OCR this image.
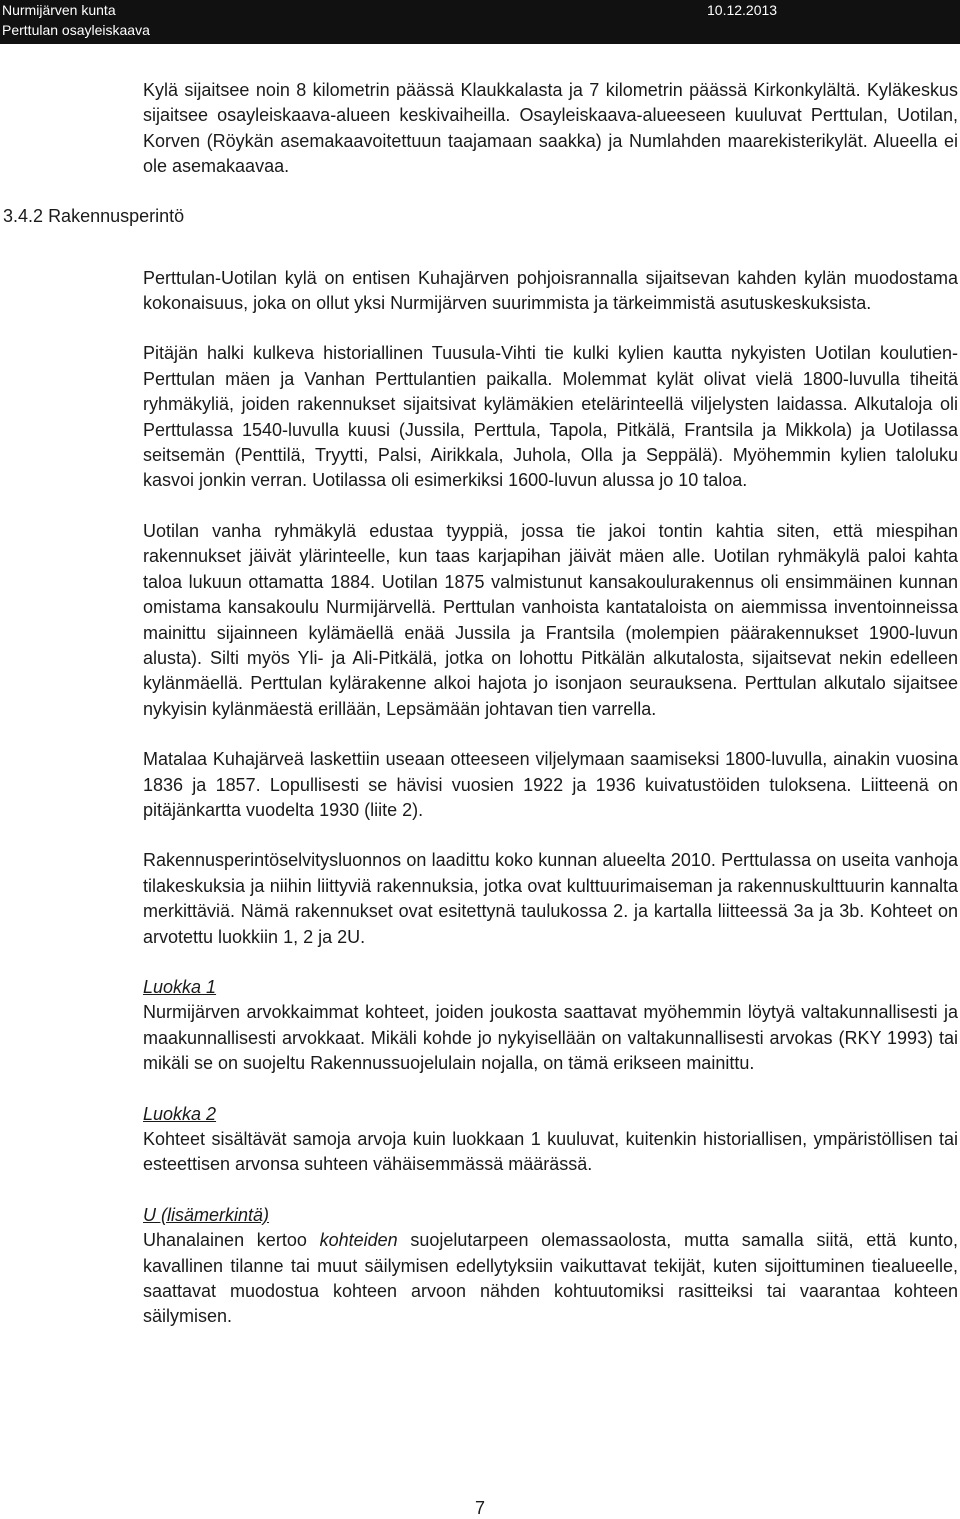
Nurmijärven kunta
Perttulan osayleiskaava
10.12.2013
3.4.2 Rakennusperintö

Kylä sijaitsee noin 8 kilometrin päässä Klaukkalasta ja 7 kilometrin päässä Kirkonkylältä. Kyläkeskus sijaitsee osayleiskaava-alueen keskivaiheilla. Osayleiskaava-alueeseen kuuluvat Perttulan, Uotilan, Korven (Röykän asemakaavoitettuun taajamaan saakka) ja Numlahden maarekisterikylät. Alueella ei ole asemakaavaa.

Perttulan-Uotilan kylä on entisen Kuhajärven pohjoisrannalla sijaitsevan kahden kylän muodostama kokonaisuus, joka on ollut yksi Nurmijärven suurimmista ja tärkeimmistä asutuskeskuksista.

Pitäjän halki kulkeva historiallinen Tuusula-Vihti tie kulki kylien kautta nykyisten Uotilan koulutien-Perttulan mäen ja Vanhan Perttulantien paikalla. Molemmat kylät olivat vielä 1800-luvulla tiheitä ryhmäkyliä, joiden rakennukset sijaitsivat kylämäkien etelärinteellä viljelysten laidassa. Alkutaloja oli Perttulassa 1540-luvulla kuusi (Jussila, Perttula, Tapola, Pitkälä, Frantsila ja Mikkola) ja Uotilassa seitsemän (Penttilä, Tryytti, Palsi, Airikkala, Juhola, Olla ja Seppälä). Myöhemmin kylien taloluku kasvoi jonkin verran. Uotilassa oli esimerkiksi 1600-luvun alussa jo 10 taloa.

Uotilan vanha ryhmäkylä edustaa tyyppiä, jossa tie jakoi tontin kahtia siten, että miespihan rakennukset jäivät ylärinteelle, kun taas karjapihan jäivät mäen alle. Uotilan ryhmäkylä paloi kahta taloa lukuun ottamatta 1884. Uotilan 1875 valmistunut kansakoulurakennus oli ensimmäinen kunnan omistama kansakoulu Nurmijärvellä. Perttulan vanhoista kantataloista on aiemmissa inventoinneissa mainittu sijainneen kylämäellä enää Jussila ja Frantsila (molempien päärakennukset 1900-luvun alusta). Silti myös Yli- ja Ali-Pitkälä, jotka on lohottu Pitkälän alkutalosta, sijaitsevat nekin edelleen kylänmäellä. Perttulan kylärakenne alkoi hajota jo isonjaon seurauksena. Perttulan alkutalo sijaitsee nykyisin kylänmäestä erillään, Lepsämään johtavan tien varrella.

Matalaa Kuhajärveä laskettiin useaan otteeseen viljelymaan saamiseksi 1800-luvulla, ainakin vuosina 1836 ja 1857. Lopullisesti se hävisi vuosien 1922 ja 1936 kuivatustöiden tuloksena. Liitteenä on pitäjänkartta vuodelta 1930 (liite 2).

Rakennusperintöselvitysluonnos on laadittu koko kunnan alueelta 2010. Perttulassa on useita vanhoja tilakeskuksia ja niihin liittyviä rakennuksia, jotka ovat kulttuurimaiseman ja rakennuskulttuurin kannalta merkittäviä. Nämä rakennukset ovat esitettynä taulukossa 2. ja kartalla liitteessä 3a ja 3b. Kohteet on arvotettu luokkiin 1, 2 ja 2U.

Luokka 1

Nurmijärven arvokkaimmat kohteet, joiden joukosta saattavat myöhemmin löytyä valtakunnallisesti ja maakunnallisesti arvokkaat. Mikäli kohde jo nykyisellään on valtakunnallisesti arvokas (RKY 1993) tai mikäli se on suojeltu Rakennussuojelulain nojalla, on tämä erikseen mainittu.

Luokka 2

Kohteet sisältävät samoja arvoja kuin luokkaan 1 kuuluvat, kuitenkin historiallisen, ympäristöllisen tai esteettisen arvonsa suhteen vähäisemmässä määrässä.

U (lisämerkintä)

Uhanalainen kertoo kohteiden suojelutarpeen olemassaolosta, mutta samalla siitä, että kunto, kavallinen tilanne tai muut säilymisen edellytyksiin vaikuttavat tekijät, kuten sijoittuminen tiealueelle, saattavat muodostua kohteen arvoon nähden kohtuutomiksi rasitteiksi tai vaarantaa kohteen säilymisen.

7
